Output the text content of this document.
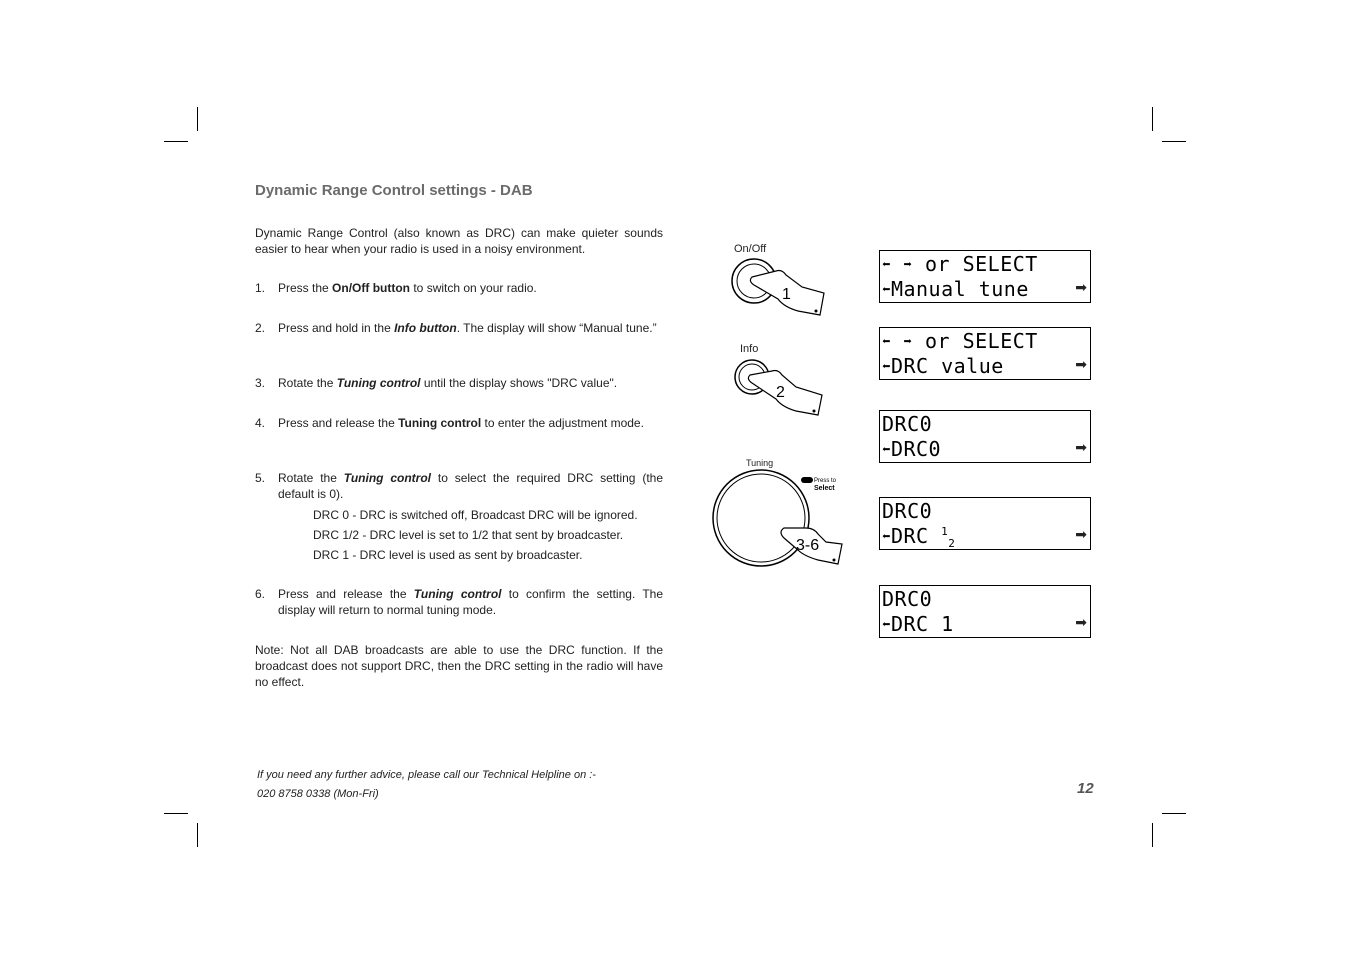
Dynamic Range Control settings - DAB

Dynamic Range Control (also known as DRC) can make quieter sounds easier to hear when your radio is used in a noisy environment.

1. Press the On/Off button to switch on your radio.
2. Press and hold in the Info button. The display will show “Manual tune.”
3. Rotate the Tuning control until the display shows "DRC value".
4. Press and release the Tuning control to enter the adjustment mode.
5. Rotate the Tuning control to select the required DRC setting (the default is 0).
DRC 0 - DRC is switched off, Broadcast DRC will be ignored.
DRC 1/2 - DRC level is set to 1/2 that sent by broadcaster.
DRC 1 - DRC level is used as sent by broadcaster.
6. Press and release the Tuning control to confirm the setting. The display will return to normal tuning mode.

Note: Not all DAB broadcasts are able to use the DRC function. If the broadcast does not support DRC, then the DRC setting in the radio will have no effect.

If you need any further advice, please call our Technical Helpline on :-
020 8758 0338 (Mon-Fri)	12
On/Off
1
Info
2
Tuning
Press to
Select
3-6
⬅ ➡ or SELECT
⬅Manual tune	➡
⬅ ➡ or SELECT
⬅DRC value	➡
DRC0
⬅DRC0	➡
DRC0
⬅DRC $^1_2$
➡
DRC0
⬅DRC 1	➡
